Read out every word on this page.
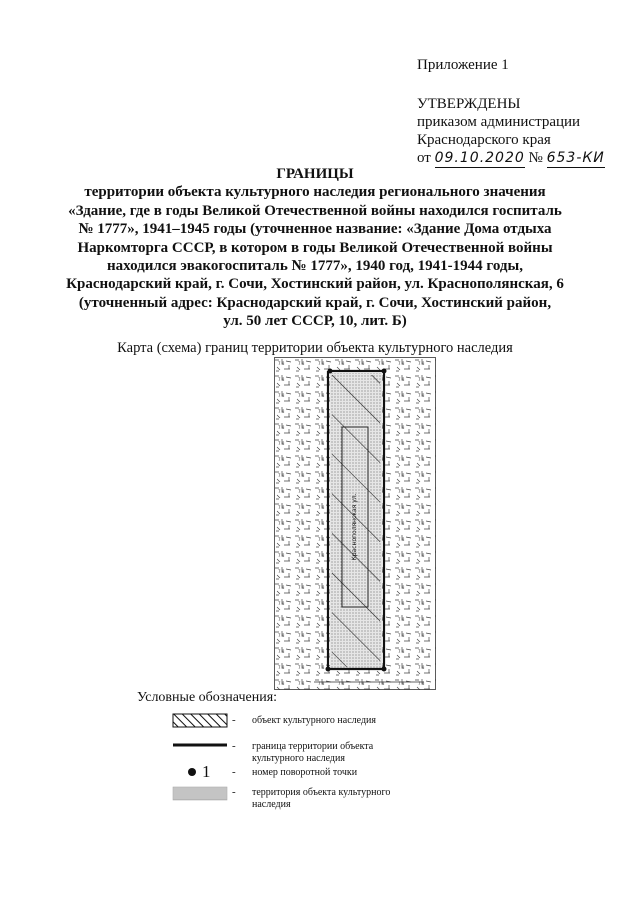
Приложение 1
УТВЕРЖДЕНЫ
приказом администрации
Краснодарского края
от 09.10.2020 № 653-КИ
ГРАНИЦЫ
территории объекта культурного наследия регионального значения
«Здание, где в годы Великой Отечественной войны находился госпиталь
№ 1777», 1941–1945 годы (уточненное название: «Здание Дома отдыха
Наркомторга СССР, в котором в годы Великой Отечественной войны
находился эвакогоспиталь № 1777», 1940 год, 1941-1944 годы,
Краснодарский край, г. Сочи, Хостинский район, ул. Краснополянская, 6
(уточненный адрес: Краснодарский край, г. Сочи, Хостинский район,
ул. 50 лет СССР, 10, лит. Б)
Карта (схема) границ территории объекта культурного наследия
Краснополянская ул.
Условные обозначения:
- объект культурного наследия
- граница территории объекта культурного наследия
1 - номер поворотной точки
- территория объекта культурного наследия
